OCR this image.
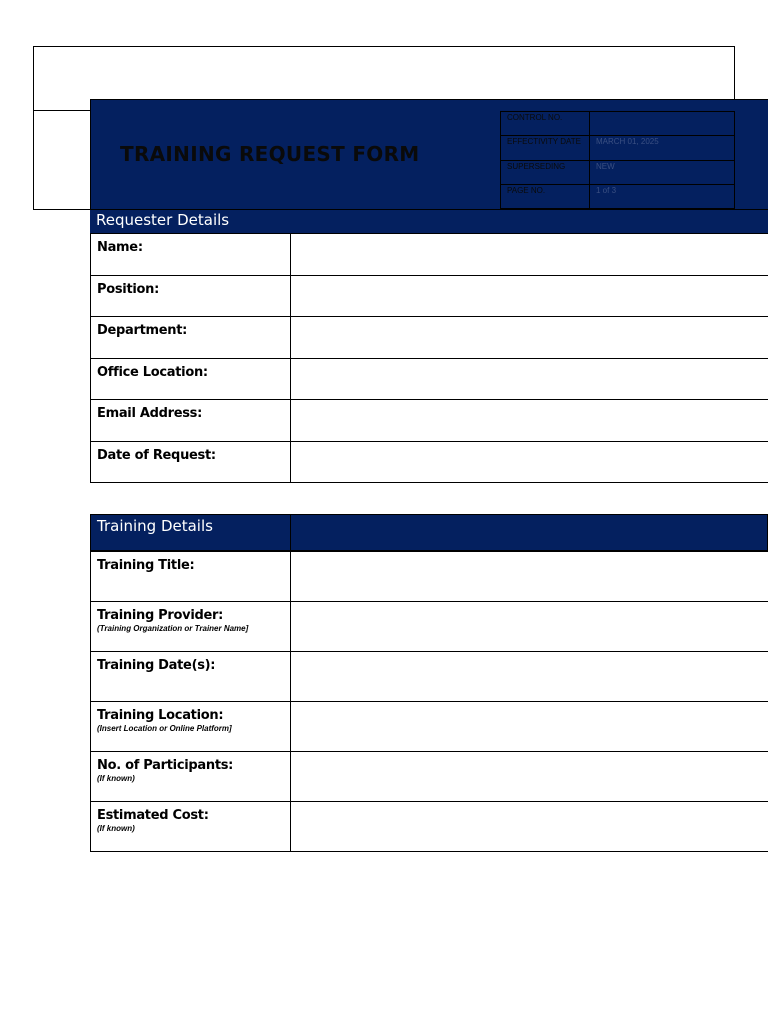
TRAINING REQUEST FORM
CONTROL NO.	
EFFECTIVITY DATE	MARCH 01, 2025
SUPERSEDING	NEW
PAGE NO.	1 of 3
Requester Details
Name:	
Position:	
Department:	
Office Location:	
Email Address:	
Date of Request:	
Training Details
Training Title:	
Training Provider:
(Training Organization or Trainer Name]	

Training Date(s):	
Training Location:
(Insert Location or Online Platform]	

No. of Participants:
(If known)	

Estimated Cost:
(If known)	
